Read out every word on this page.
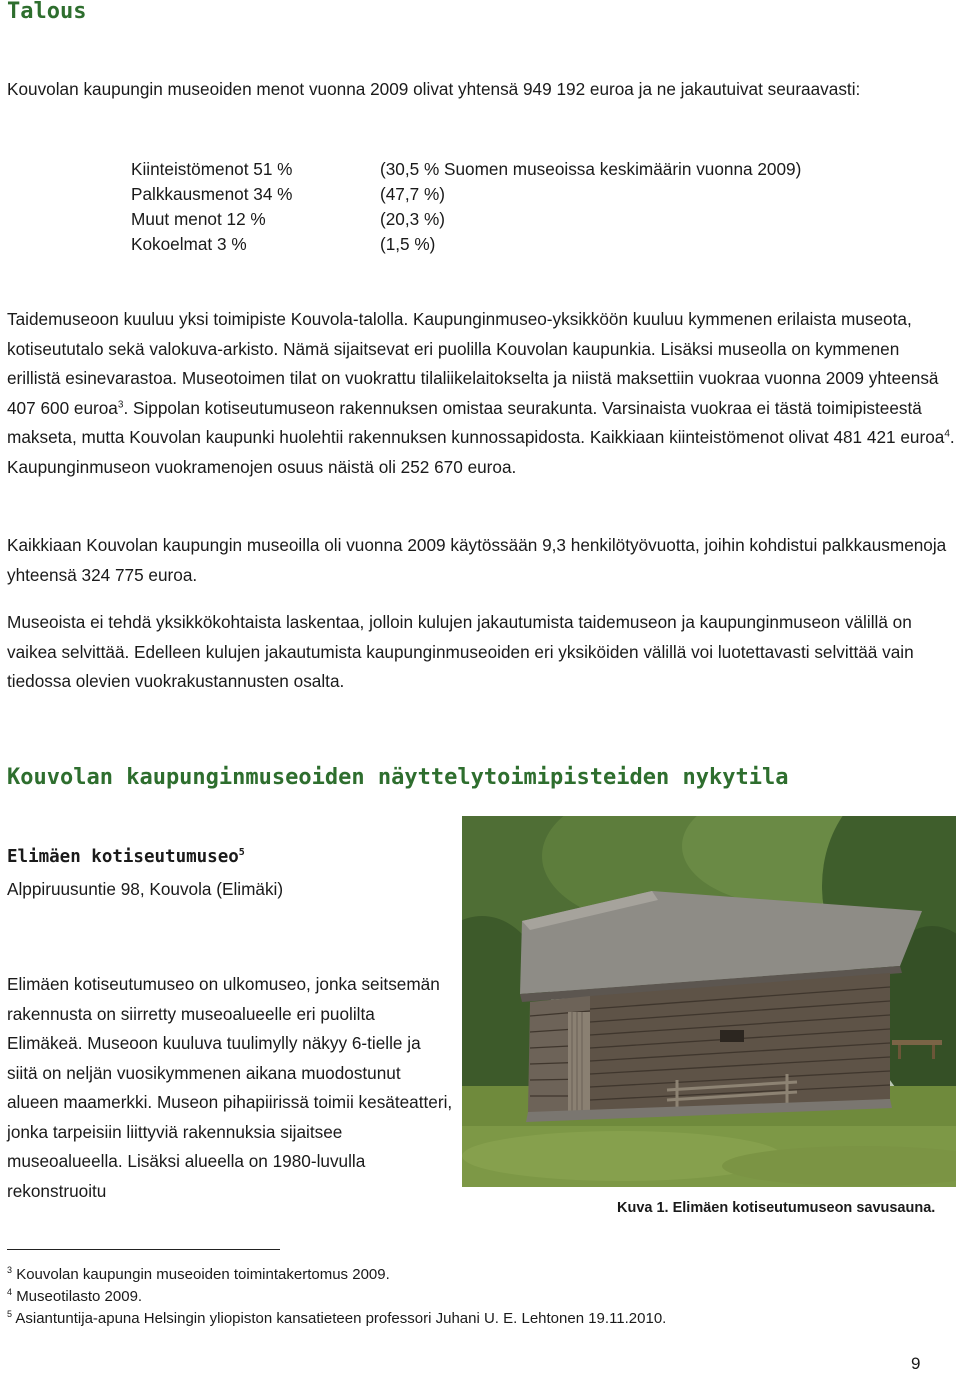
Talous

Kouvolan kaupungin museoiden menot vuonna 2009 olivat yhtensä 949 192 euroa ja ne jakautuivat seuraavasti:

Kiinteistömenot 51 %	(30,5 % Suomen museoissa keskimäärin vuonna 2009)

Palkkausmenot 34 %	(47,7 %)

Muut menot 12 %	(20,3 %)

Kokoelmat 3 %	(1,5 %)

Taidemuseoon kuuluu yksi toimipiste Kouvola-talolla. Kaupunginmuseo-yksikköön kuuluu kymmenen erilaista museota, kotiseututalo sekä valokuva-arkisto. Nämä sijaitsevat eri puolilla Kouvolan kaupunkia. Lisäksi museolla on kymmenen erillistä esinevarastoa. Museotoimen tilat on vuokrattu tilaliikelaitokselta ja niistä maksettiin vuokraa vuonna 2009 yhteensä 407 600 euroa$^3$. Sippolan kotiseutumuseon rakennuksen omistaa seurakunta. Varsinaista vuokraa ei tästä toimipisteestä makseta, mutta Kouvolan kaupunki huolehtii rakennuksen kunnossapidosta. Kaikkiaan kiinteistömenot olivat 481 421 euroa$^4$. Kaupunginmuseon vuokramenojen osuus näistä oli 252 670 euroa.

Kaikkiaan Kouvolan kaupungin museoilla oli vuonna 2009 käytössään 9,3 henkilötyövuotta, joihin kohdistui palkkausmenoja yhteensä 324 775 euroa.

Museoista ei tehdä yksikkökohtaista laskentaa, jolloin kulujen jakautumista taidemuseon ja kaupunginmuseon välillä on vaikea selvittää. Edelleen kulujen jakautumista kaupunginmuseoiden eri yksiköiden välillä voi luotettavasti selvittää vain tiedossa olevien vuokrakustannusten osalta.

Kouvolan kaupunginmuseoiden näyttelytoimipisteiden nykytila
Elimäen kotiseutumuseo$^5$

Alppiruusuntie 98, Kouvola (Elimäki)

Elimäen kotiseutumuseo on ulkomuseo, jonka seitsemän rakennusta on siirretty museoalueelle eri puolilta Elimäkeä. Museoon kuuluva tuulimylly näkyy 6-tielle ja siitä on neljän vuosikymmenen aikana muodostunut alueen maamerkki. Museon pihapiirissä toimii kesäteatteri, jonka tarpeisiin liittyviä rakennuksia sijaitsee museoalueella. Lisäksi alueella on 1980-luvulla rekonstruoitu

Kuva 1. Elimäen kotiseutumuseon savusauna.

$^3$ Kouvolan kaupungin museoiden toimintakertomus 2009.

$^4$ Museotilasto 2009.

$^5$ Asiantuntija-apuna Helsingin yliopiston kansatieteen professori Juhani U. E. Lehtonen 19.11.2010.

9
